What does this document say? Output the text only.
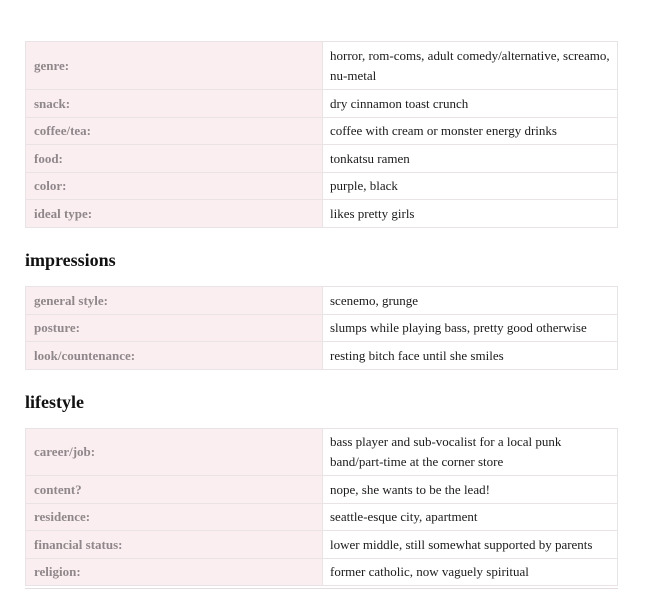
genre:	horror, rom-coms, adult comedy/alternative, screamo, nu-metal
snack:	dry cinnamon toast crunch
coffee/tea:	coffee with cream or monster energy drinks
food:	tonkatsu ramen
color:	purple, black
ideal type:	likes pretty girls
impressions
general style:	scenemo, grunge
posture:	slumps while playing bass, pretty good otherwise
look/countenance:	resting bitch face until she smiles
lifestyle
career/job:	bass player and sub-vocalist for a local punk band/part-time at the corner store
content?	nope, she wants to be the lead!
residence:	seattle-esque city, apartment
financial status:	lower middle, still somewhat supported by parents
religion:	former catholic, now vaguely spiritual
